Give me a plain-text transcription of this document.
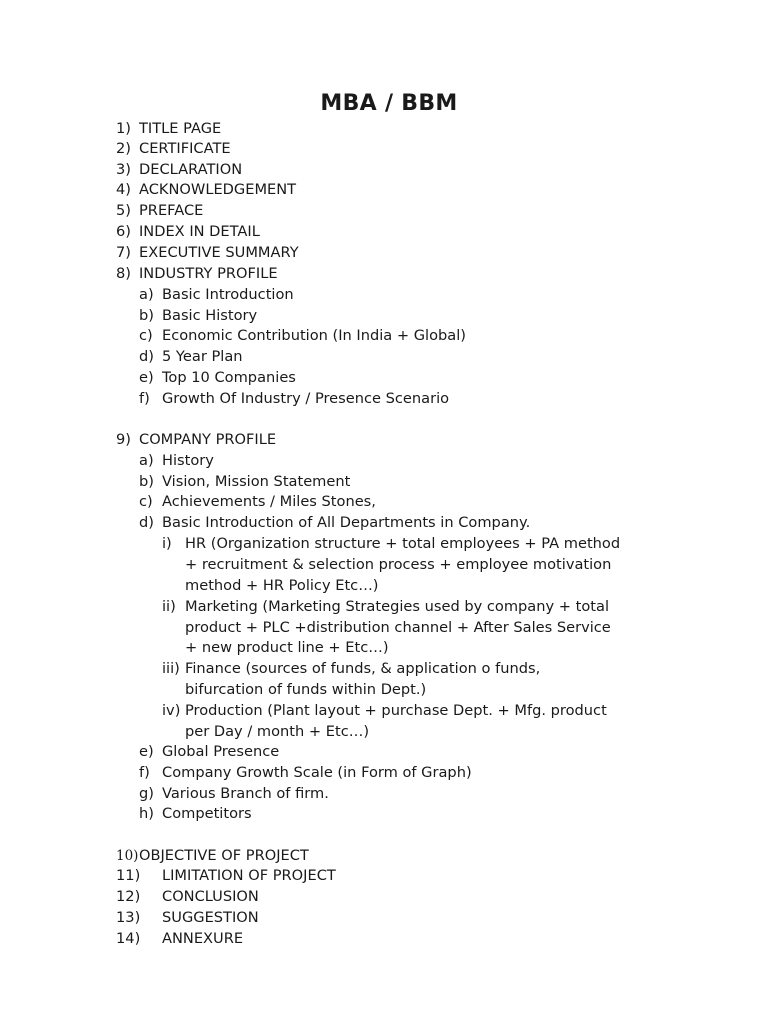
MBA / BBM
1) TITLE PAGE
2) CERTIFICATE
3) DECLARATION
4) ACKNOWLEDGEMENT
5) PREFACE
6) INDEX IN DETAIL
7) EXECUTIVE SUMMARY
8) INDUSTRY PROFILE
a) Basic Introduction
b) Basic History
c) Economic Contribution (In India + Global)
d) 5 Year Plan
e) Top 10 Companies
f) Growth Of Industry / Presence Scenario
9) COMPANY PROFILE
a) History
b) Vision, Mission Statement
c) Achievements / Miles Stones,
d) Basic Introduction of All Departments in Company.
i) HR (Organization structure + total employees + PA method
+ recruitment & selection process + employee motivation
method + HR Policy Etc…)
ii) Marketing (Marketing Strategies used by company + total
product + PLC +distribution channel + After Sales Service
+ new product line + Etc…)
iii) Finance (sources of funds, & application o funds,
bifurcation of funds within Dept.)
iv) Production (Plant layout + purchase Dept. + Mfg. product
per Day / month + Etc…)
e) Global Presence
f) Company Growth Scale (in Form of Graph)
g) Various Branch of firm.
h) Competitors
10) OBJECTIVE OF PROJECT
11) LIMITATION OF PROJECT
12) CONCLUSION
13) SUGGESTION
14) ANNEXURE
